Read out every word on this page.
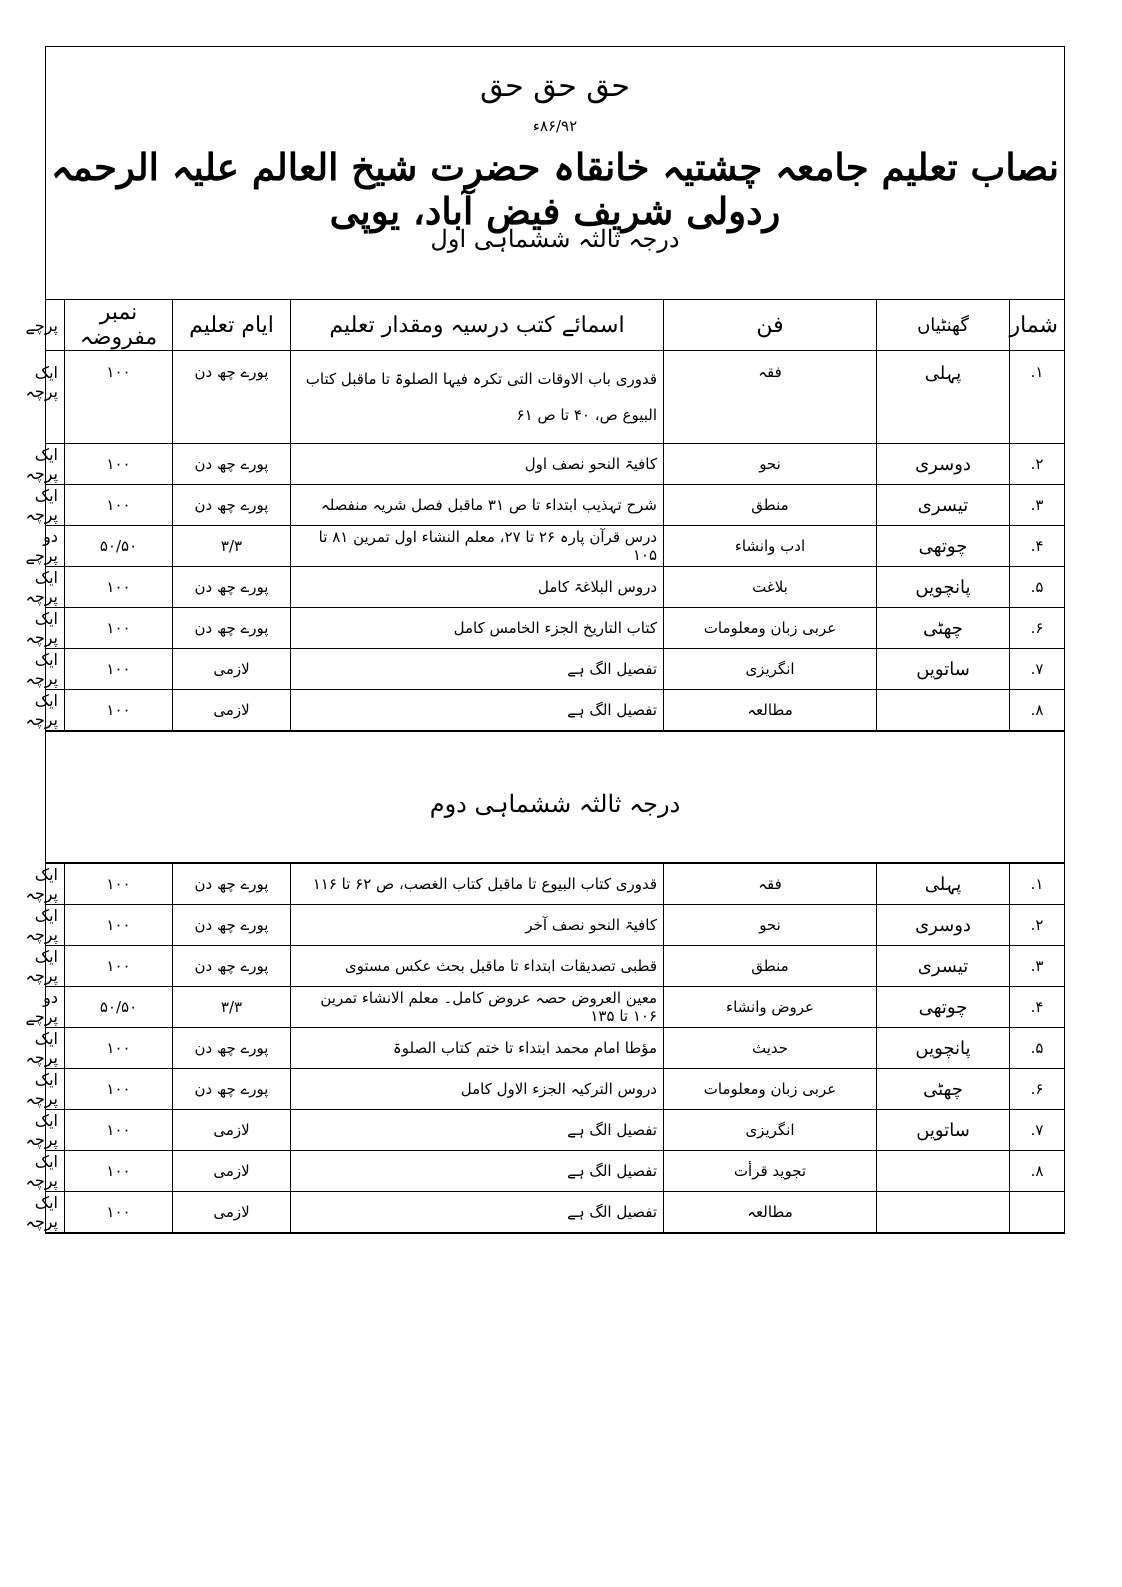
حق حق حق
۸۶/۹۲ء
نصاب تعلیم جامعہ چشتیہ خانقاہ حضرت شیخ العالم علیہ الرحمہ ردولی شریف فیض آباد، یوپی
درجہ ثالثہ ششماہی اول
شمار	گھنٹیاں	فن	اسمائے کتب درسیہ ومقدار تعلیم	ایام تعلیم	نمبر مفروضہ	پرچے
۱.	پہلی	فقہ	قدوری باب الاوقات التی تکرہ فیہا الصلوۃ تا ماقبل کتاب البیوع ص، ۴۰ تا ص ۶۱	پورے چھ دن	۱۰۰	ایک پرچہ
۲.	دوسری	نحو	کافیۃ النحو نصف اول	پورے چھ دن	۱۰۰	ایک پرچہ
۳.	تیسری	منطق	شرح تہذیب ابتداء تا ص ۳۱ ماقبل فصل شریہ منفصلہ	پورے چھ دن	۱۰۰	ایک پرچہ
۴.	چوتھی	ادب وانشاء	درس قرآن پارہ ۲۶ تا ۲۷، معلم النشاء اول تمرین ۸۱ تا ۱۰۵	۳/۳	۵۰/۵۰	دو پرچے
۵.	پانچویں	بلاغت	دروس البلاغۃ کامل	پورے چھ دن	۱۰۰	ایک پرچہ
۶.	چھٹی	عربی زبان ومعلومات	کتاب التاریخ الجزء الخامس کامل	پورے چھ دن	۱۰۰	ایک پرچہ
۷.	ساتویں	انگریزی	تفصیل الگ ہے	لازمی	۱۰۰	ایک پرچہ
۸.		مطالعہ	تفصیل الگ ہے	لازمی	۱۰۰	ایک پرچہ
درجہ ثالثہ ششماہی دوم
۱.	پہلی	فقہ	قدوری کتاب البیوع تا ماقبل کتاب الغصب، ص ۶۲ تا ۱۱۶	پورے چھ دن	۱۰۰	ایک پرچہ
۲.	دوسری	نحو	کافیۃ النحو نصف آخر	پورے چھ دن	۱۰۰	ایک پرچہ
۳.	تیسری	منطق	قطبی تصدیقات ابتداء تا ماقبل بحث عکس مستوی	پورے چھ دن	۱۰۰	ایک پرچہ
۴.	چوتھی	عروض وانشاء	معین العروض حصہ عروض کامل۔ معلم الانشاء تمرین ۱۰۶ تا ۱۳۵	۳/۳	۵۰/۵۰	دو پرچے
۵.	پانچویں	حدیث	مؤطا امام محمد ابتداء تا ختم کتاب الصلوۃ	پورے چھ دن	۱۰۰	ایک پرچہ
۶.	چھٹی	عربی زبان ومعلومات	دروس الترکیہ الجزء الاول کامل	پورے چھ دن	۱۰۰	ایک پرچہ
۷.	ساتویں	انگریزی	تفصیل الگ ہے	لازمی	۱۰۰	ایک پرچہ
۸.		تجوید قرأت	تفصیل الگ ہے	لازمی	۱۰۰	ایک پرچہ
		مطالعہ	تفصیل الگ ہے	لازمی	۱۰۰	ایک پرچہ
